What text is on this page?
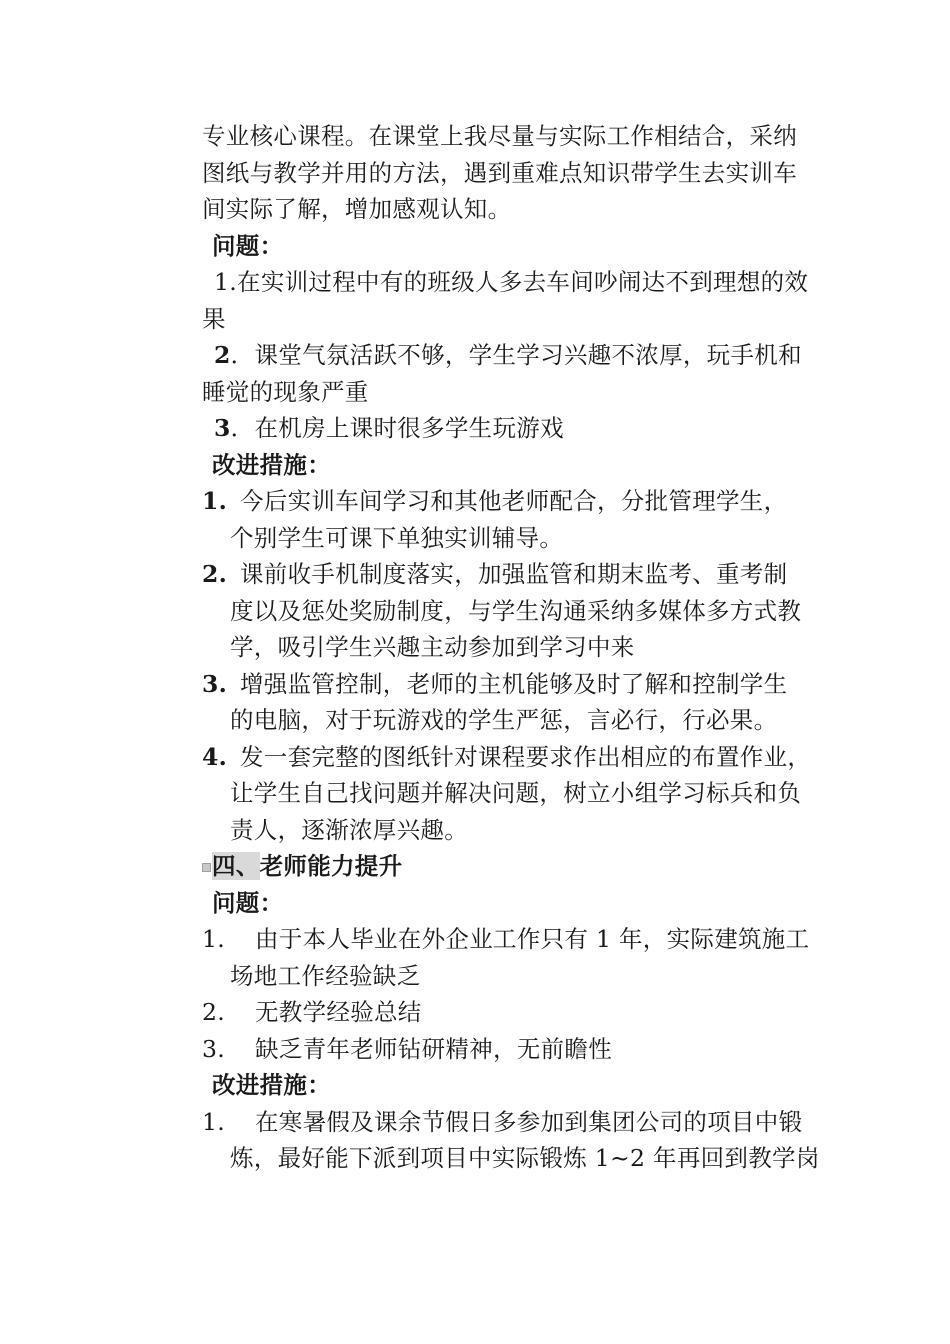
专业核心课程。在课堂上我尽量与实际工作相结合，采纳
图纸与教学并用的方法，遇到重难点知识带学生去实训车
间实际了解，增加感观认知。
问题：
1.在实训过程中有的班级人多去车间吵闹达不到理想的效
果
2．课堂气氛活跃不够，学生学习兴趣不浓厚，玩手机和
睡觉的现象严重
3．在机房上课时很多学生玩游戏
改进措施：
1. 今后实训车间学习和其他老师配合，分批管理学生，
个别学生可课下单独实训辅导。
2. 课前收手机制度落实，加强监管和期末监考、重考制
度以及惩处奖励制度，与学生沟通采纳多媒体多方式教
学，吸引学生兴趣主动参加到学习中来
3. 增强监管控制，老师的主机能够及时了解和控制学生
的电脑，对于玩游戏的学生严惩，言必行，行必果。
4. 发一套完整的图纸针对课程要求作出相应的布置作业，
让学生自己找问题并解决问题，树立小组学习标兵和负
责人，逐渐浓厚兴趣。
四、老师能力提升
问题：
1.	由于本人毕业在外企业工作只有 1 年，实际建筑施工
场地工作经验缺乏
2.	无教学经验总结
3.	缺乏青年老师钻研精神，无前瞻性
改进措施：
1.	在寒暑假及课余节假日多参加到集团公司的项目中锻
炼，最好能下派到项目中实际锻炼 1~2 年再回到教学岗
